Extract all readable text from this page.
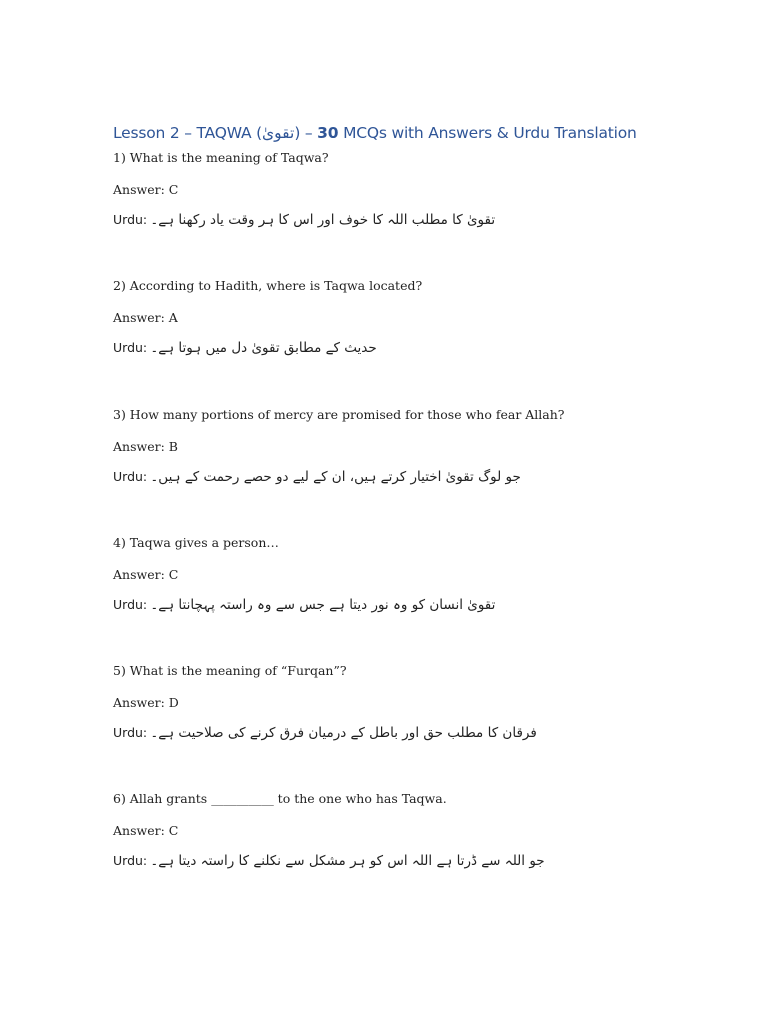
Lesson 2 – TAQWA (تقویٰ) – 30 MCQs with Answers & Urdu Translation
1) What is the meaning of Taqwa?
Answer: C
Urdu: تقویٰ کا مطلب اللہ کا خوف اور اس کا ہر وقت یاد رکھنا ہے۔
2) According to Hadith, where is Taqwa located?
Answer: A
Urdu: حدیث کے مطابق تقویٰ دل میں ہوتا ہے۔
3) How many portions of mercy are promised for those who fear Allah?
Answer: B
Urdu: جو لوگ تقویٰ اختیار کرتے ہیں، ان کے لیے دو حصے رحمت کے ہیں۔
4) Taqwa gives a person…
Answer: C
Urdu: تقویٰ انسان کو وہ نور دیتا ہے جس سے وہ راستہ پہچانتا ہے۔
5) What is the meaning of “Furqan”?
Answer: D
Urdu: فرقان کا مطلب حق اور باطل کے درمیان فرق کرنے کی صلاحیت ہے۔
6) Allah grants __________ to the one who has Taqwa.
Answer: C
Urdu: جو اللہ سے ڈرتا ہے اللہ اس کو ہر مشکل سے نکلنے کا راستہ دیتا ہے۔
